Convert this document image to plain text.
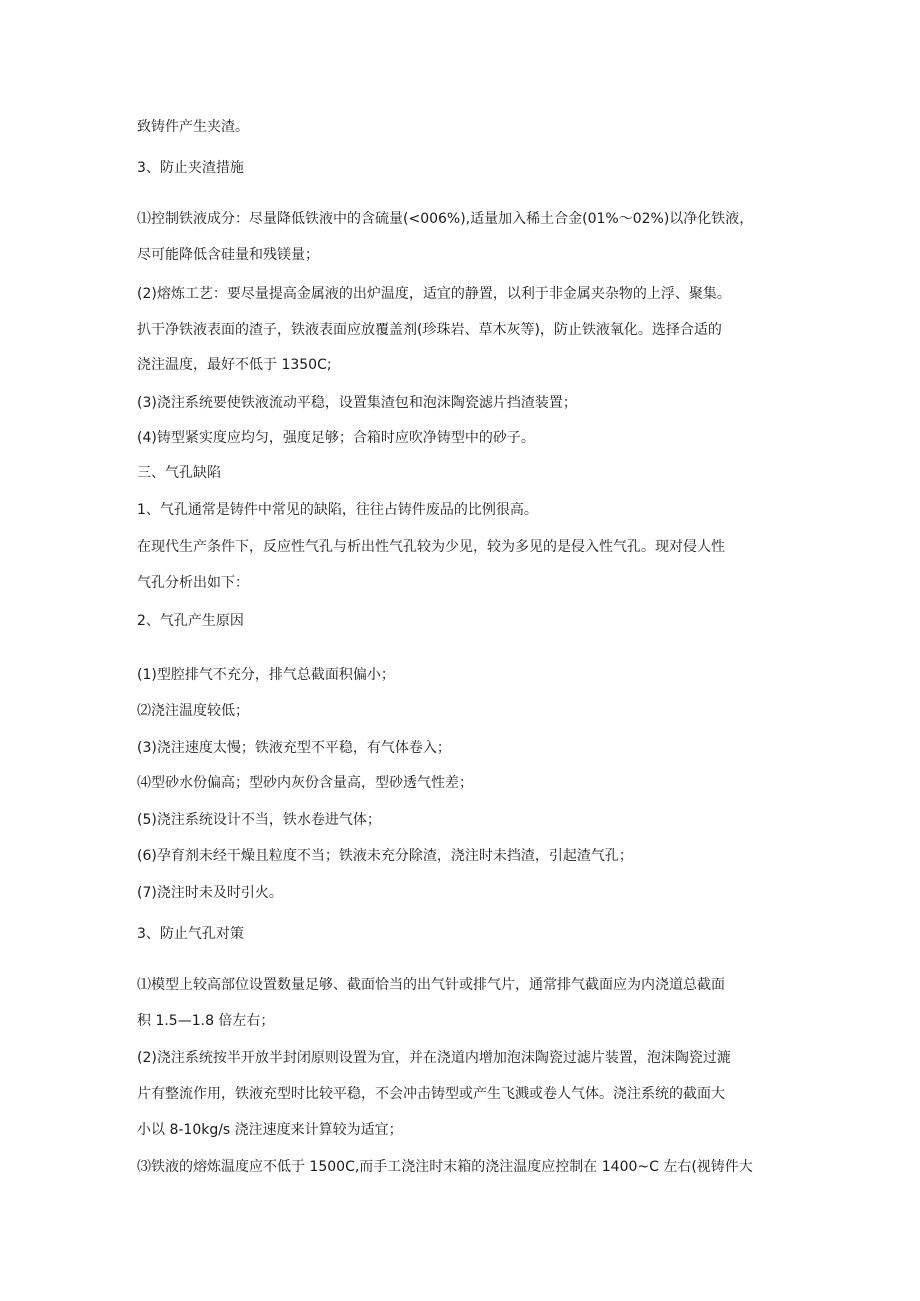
致铸件产生夹渣。
3、防止夹渣措施
⑴控制铁液成分：尽量降低铁液中的含硫量(<006%),适量加入稀土合金(01%～02%)以净化铁液，
尽可能降低含硅量和残镁量；
(2)熔炼工艺：要尽量提高金属液的出炉温度，适宜的静置，以利于非金属夹杂物的上浮、聚集。
扒干净铁液表面的渣子，铁液表面应放覆盖剂(珍珠岩、草木灰等)，防止铁液氧化。选择合适的
浇注温度，最好不低于 1350C;
(3)浇注系统要使铁液流动平稳，设置集渣包和泡沫陶瓷滤片挡渣装置；
(4)铸型紧实度应均匀，强度足够；合箱时应吹净铸型中的砂子。
三、气孔缺陷
1、气孔通常是铸件中常见的缺陷，往往占铸件废品的比例很高。
在现代生产条件下，反应性气孔与析出性气孔较为少见，较为多见的是侵入性气孔。现对侵人性
气孔分析出如下：
2、气孔产生原因
(1)型腔排气不充分，排气总截面积偏小；
⑵浇注温度较低；
(3)浇注速度太慢；铁液充型不平稳，有气体卷入；
⑷型砂水份偏高；型砂内灰份含量高，型砂透气性差；
(5)浇注系统设计不当，铁水卷进气体；
(6)孕育剂未经干燥且粒度不当；铁液未充分除渣，浇注时未挡渣，引起渣气孔；
(7)浇注时未及时引火。
3、防止气孔对策
⑴模型上较高部位设置数量足够、截面恰当的出气针或排气片，通常排气截面应为内浇道总截面
积 1.5—1.8 倍左右；
(2)浇注系统按半开放半封闭原则设置为宜，并在浇道内增加泡沫陶瓷过滤片装置，泡沫陶瓷过漉
片有整流作用，铁液充型时比较平稳，不会冲击铸型或产生飞溅或卷人气体。浇注系统的截面大
小以 8-10kg/s 浇注速度来计算较为适宜；
⑶铁液的熔炼温度应不低于 1500C,而手工浇注时末箱的浇注温度应控制在 1400~C 左右(视铸件大
